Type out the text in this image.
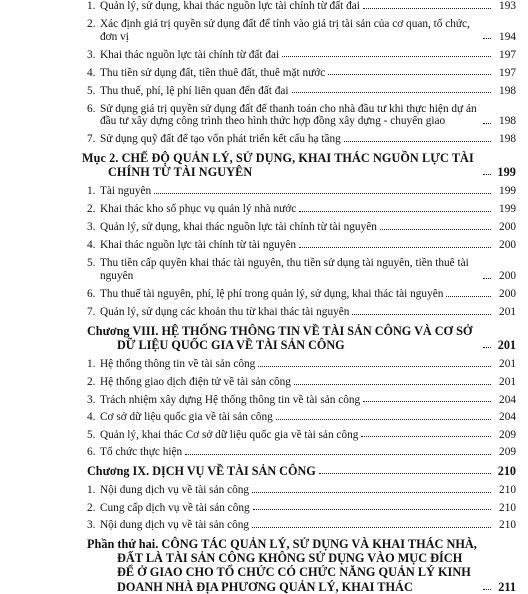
1. Quản lý, sử dụng, khai thác nguồn lực tài chính từ đất đai	193
2. Xác định giá trị quyền sử dụng đất để tính vào giá trị tài sản của cơ quan, tổ chức, đơn vị	194
3. Khai thác nguồn lực tài chính từ đất đai	197
4. Thu tiền sử dụng đất, tiền thuê đất, thuê mặt nước	197
5. Thu thuế, phí, lệ phí liên quan đến đất đai	198
6. Sử dụng giá trị quyền sử dụng đất để thanh toán cho nhà đầu tư khi thực hiện dự án đầu tư xây dựng công trình theo hình thức hợp đồng xây dựng - chuyển giao	198
7. Sử dụng quỹ đất để tạo vốn phát triển kết cấu hạ tầng	198
Mục 2. CHẾ ĐỘ QUẢN LÝ, SỬ DỤNG, KHAI THÁC NGUỒN LỰC TÀI CHÍNH TỪ TÀI NGUYÊN	199
1. Tài nguyên	199
2. Khai thác kho số phục vụ quản lý nhà nước	199
3. Quản lý, sử dụng, khai thác nguồn lực tài chính từ tài nguyên	200
4. Khai thác nguồn lực tài chính từ tài nguyên	200
5. Thu tiền cấp quyền khai thác tài nguyên, thu tiền sử dụng tài nguyên, tiền thuê tài nguyên	200
6. Thu thuế tài nguyên, phí, lệ phí trong quản lý, sử dụng, khai thác tài nguyên	200
7. Quản lý, sử dụng các khoản thu từ khai thác tài nguyên	201
Chương VIII. HỆ THỐNG THÔNG TIN VỀ TÀI SẢN CÔNG VÀ CƠ SỞ DỮ LIỆU QUỐC GIA VỀ TÀI SẢN CÔNG	201
1. Hệ thống thông tin về tài sản công	201
2. Hệ thống giao dịch điện tử về tài sản công	201
3. Trách nhiệm xây dựng Hệ thống thông tin về tài sản công	204
4. Cơ sở dữ liệu quốc gia về tài sản công	204
5. Quản lý, khai thác Cơ sở dữ liệu quốc gia về tài sản công	209
6. Tổ chức thực hiện	209
Chương IX. DỊCH VỤ VỀ TÀI SẢN CÔNG	210
1. Nội dung dịch vụ về tài sản công	210
2. Cung cấp dịch vụ về tài sản công	210
3. Nội dung dịch vụ về tài sản công	210
Phần thứ hai. CÔNG TÁC QUẢN LÝ, SỬ DỤNG VÀ KHAI THÁC NHÀ, ĐẤT LÀ TÀI SẢN CÔNG KHÔNG SỬ DỤNG VÀO MỤC ĐÍCH ĐỂ Ở GIAO CHO TỔ CHỨC CÓ CHỨC NĂNG QUẢN LÝ KINH DOANH NHÀ ĐỊA PHƯƠNG QUẢN LÝ, KHAI THÁC	211
